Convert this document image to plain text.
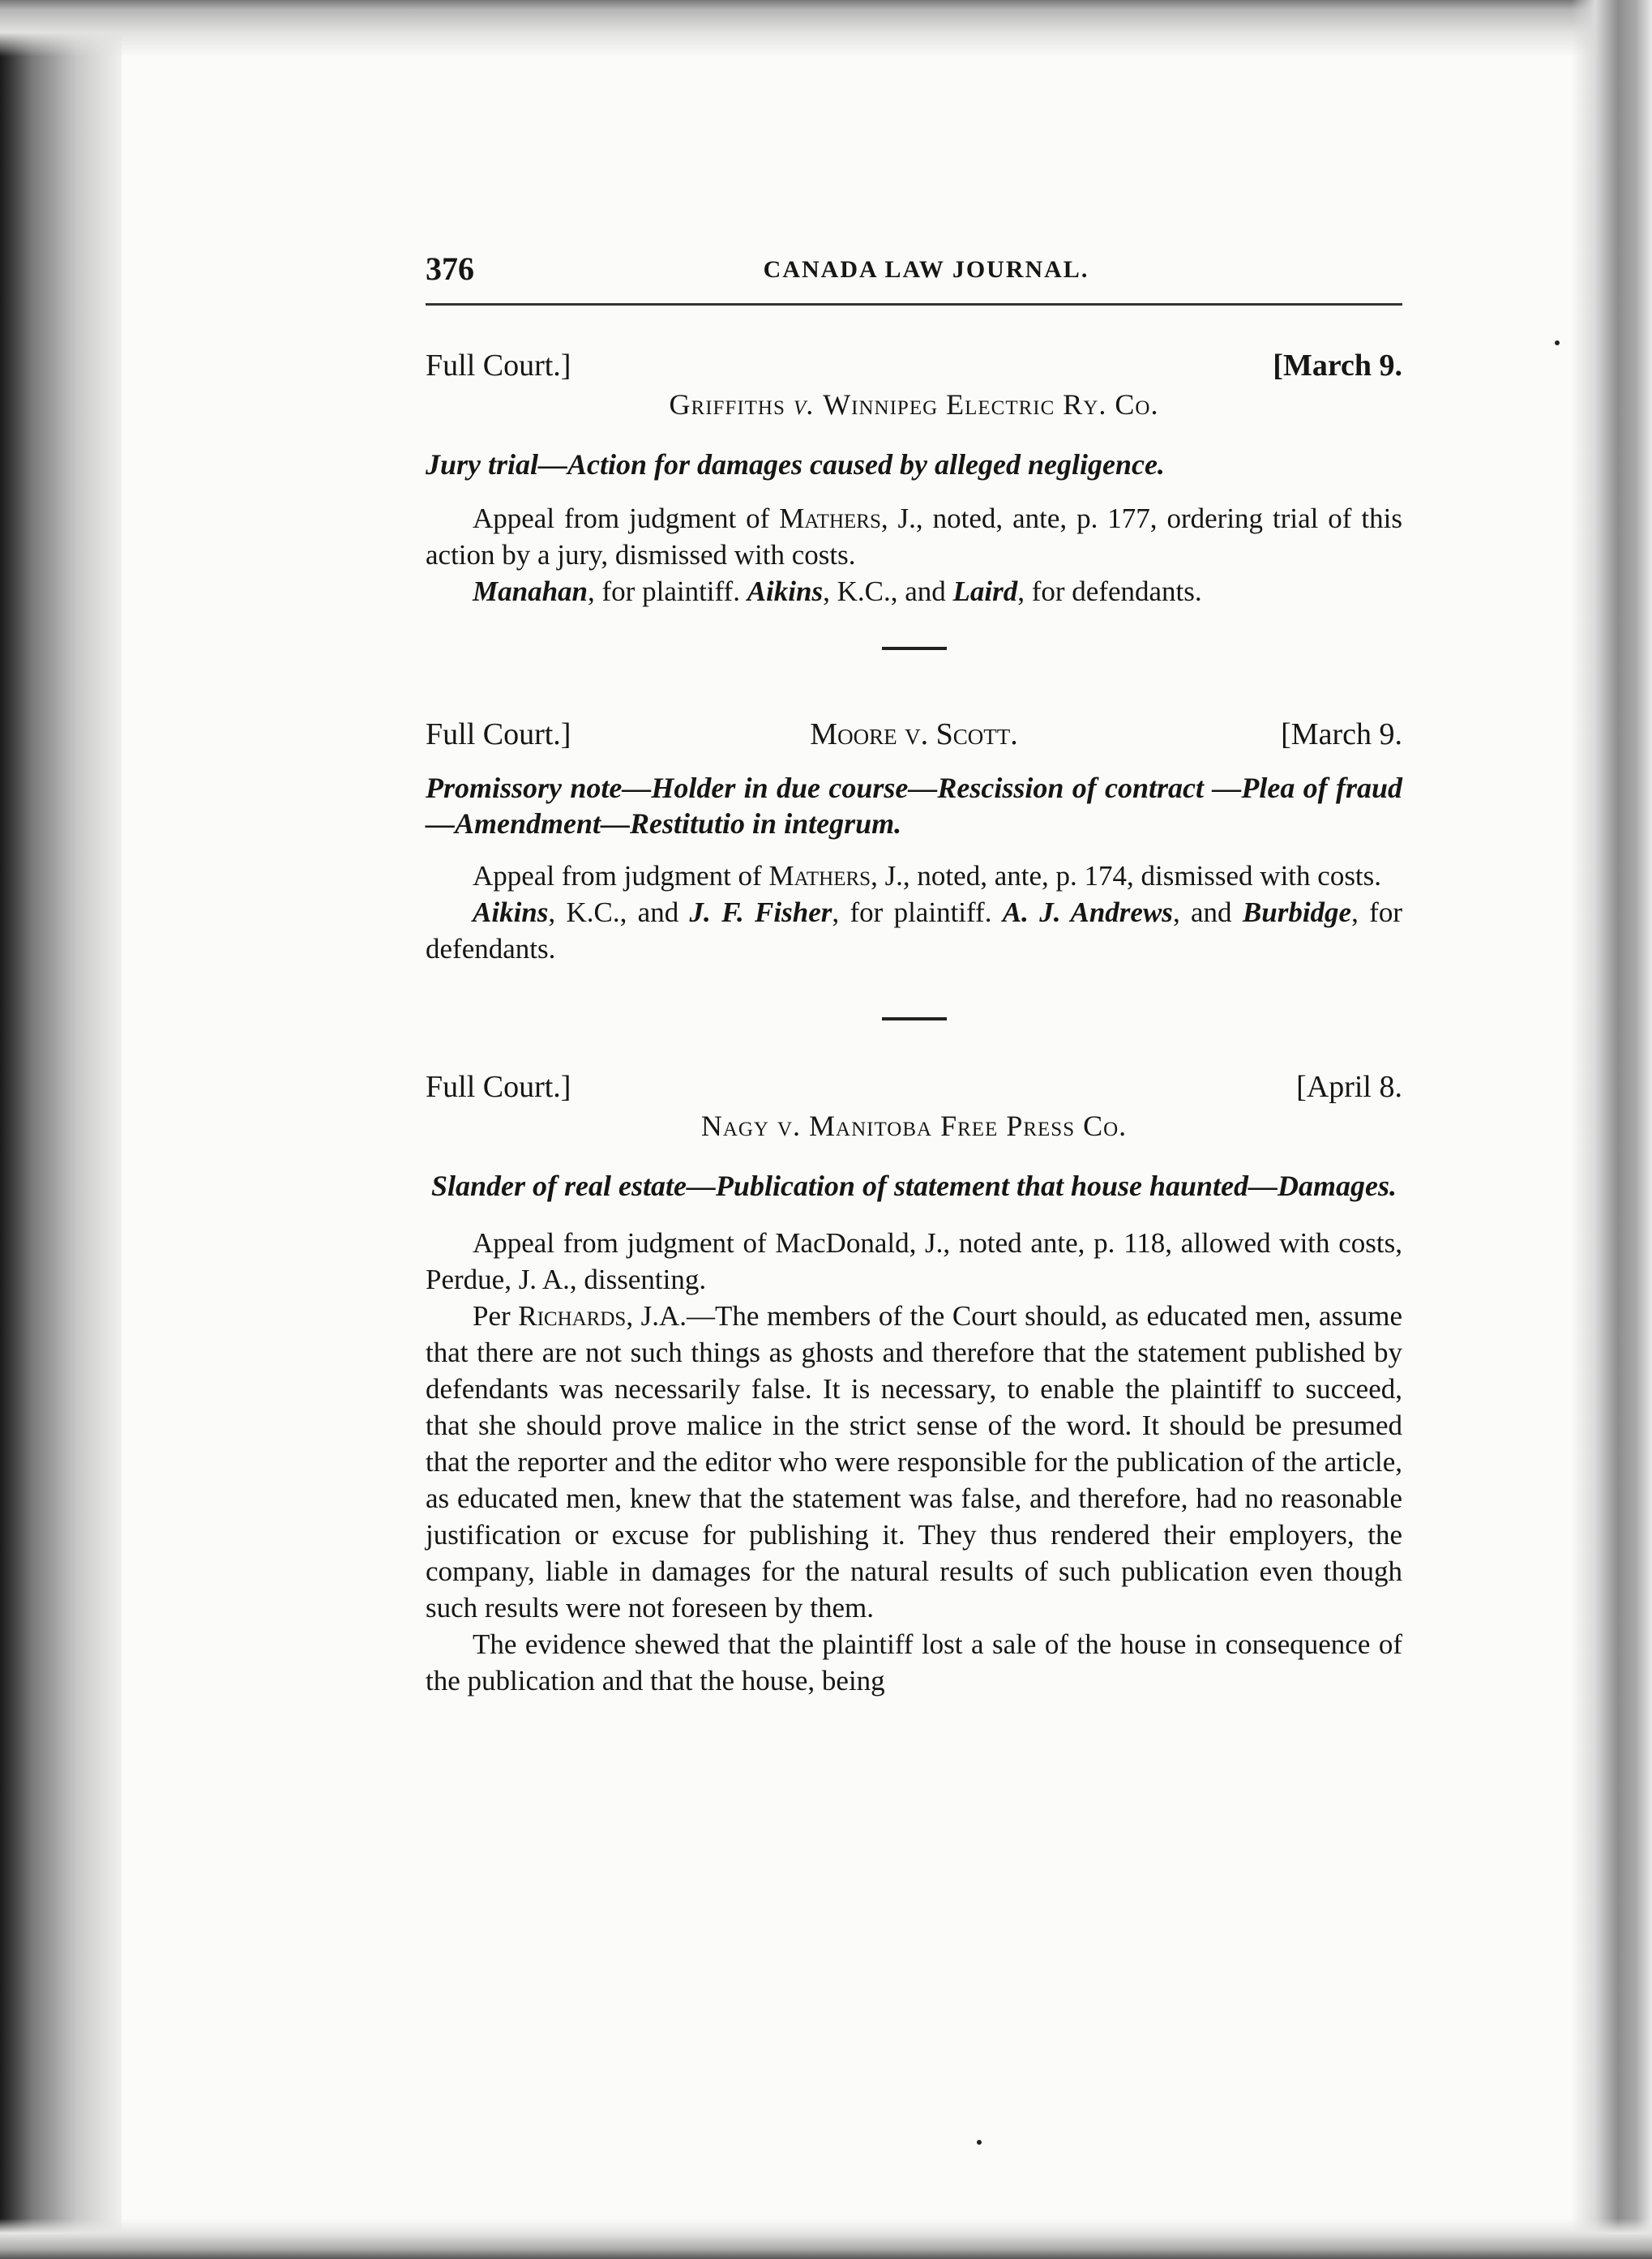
376	CANADA LAW JOURNAL.
Full Court.]	[March 9.

Griffiths v. Winnipeg Electric Ry. Co.

Jury trial—Action for damages caused by alleged negligence.

Appeal from judgment of Mathers, J., noted, ante, p. 177, ordering trial of this action by a jury, dismissed with costs.

Manahan, for plaintiff. Aikins, K.C., and Laird, for defendants.

Full Court.]	Moore v. Scott.	[March 9.

Promissory note—Holder in due course—Rescission of contract —Plea of fraud—Amendment—Restitutio in integrum.

Appeal from judgment of Mathers, J., noted, ante, p. 174, dismissed with costs.

Aikins, K.C., and J. F. Fisher, for plaintiff. A. J. Andrews, and Burbidge, for defendants.

Full Court.]	[April 8.

Nagy v. Manitoba Free Press Co.

Slander of real estate—Publication of statement that house haunted—Damages.

Appeal from judgment of MacDonald, J., noted ante, p. 118, allowed with costs, Perdue, J. A., dissenting.

Per Richards, J.A.—The members of the Court should, as educated men, assume that there are not such things as ghosts and therefore that the statement published by defendants was necessarily false. It is necessary, to enable the plaintiff to succeed, that she should prove malice in the strict sense of the word. It should be presumed that the reporter and the editor who were responsible for the publication of the article, as educated men, knew that the statement was false, and therefore, had no reasonable justification or excuse for publishing it. They thus rendered their employers, the company, liable in damages for the natural results of such publication even though such results were not foreseen by them.

The evidence shewed that the plaintiff lost a sale of the house in consequence of the publication and that the house, being
